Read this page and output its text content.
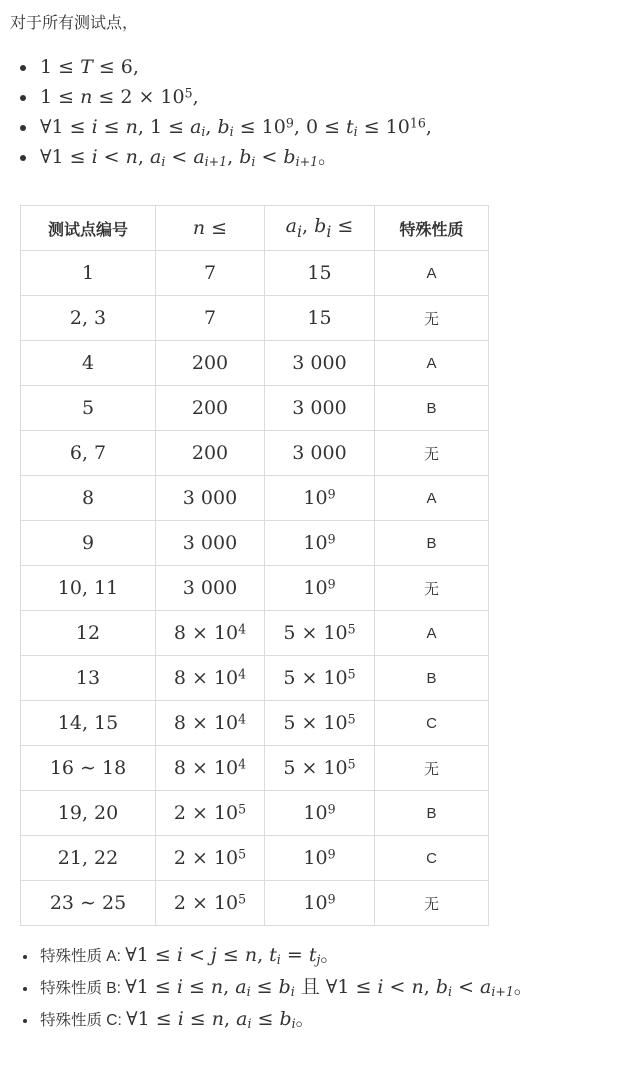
对于所有测试点，

• 1 ≤ T ≤ 6,
• $1 \le n \le 2 \times 10^5$,
• ∀1 ≤ i ≤ n, $1 \le a_i$, $b_i \le 10^9$, $0 \le t_i \le 10^{16}$,
• ∀1 ≤ i < n, $a_i < a_{i+1}$, $b_i < b_{i+1}$。
测试点编号	n ≤	$a_i$, $b_i$ ≤	特殊性质
1	7	15	A
2, 3	7	15	无
4	200	3 000	A
5	200	3 000	B
6, 7	200	3 000	无
8	3 000	$10^9$	A
9	3 000	$10^9$	B
10, 11	3 000	$10^9$	无
12	$8 \times 10^4$	$5 \times 10^5$	A
13	$8 \times 10^4$	$5 \times 10^5$	B
14, 15	$8 \times 10^4$	$5 \times 10^5$	C
16 ∼ 18	$8 \times 10^4$	$5 \times 10^5$	无
19, 20	$2 \times 10^5$	$10^9$	B
21, 22	$2 \times 10^5$	$10^9$	C
23 ∼ 25	$2 \times 10^5$	$10^9$	无
• 特殊性质 A: ∀1 ≤ i < j ≤ n, $t_i = t_j$。
• 特殊性质 B: ∀1 ≤ i ≤ n, $a_i \le b_i$ 且 ∀1 ≤ i < n, $b_i < a_{i+1}$。
• 特殊性质 C: ∀1 ≤ i ≤ n, $a_i \le b_i$。
